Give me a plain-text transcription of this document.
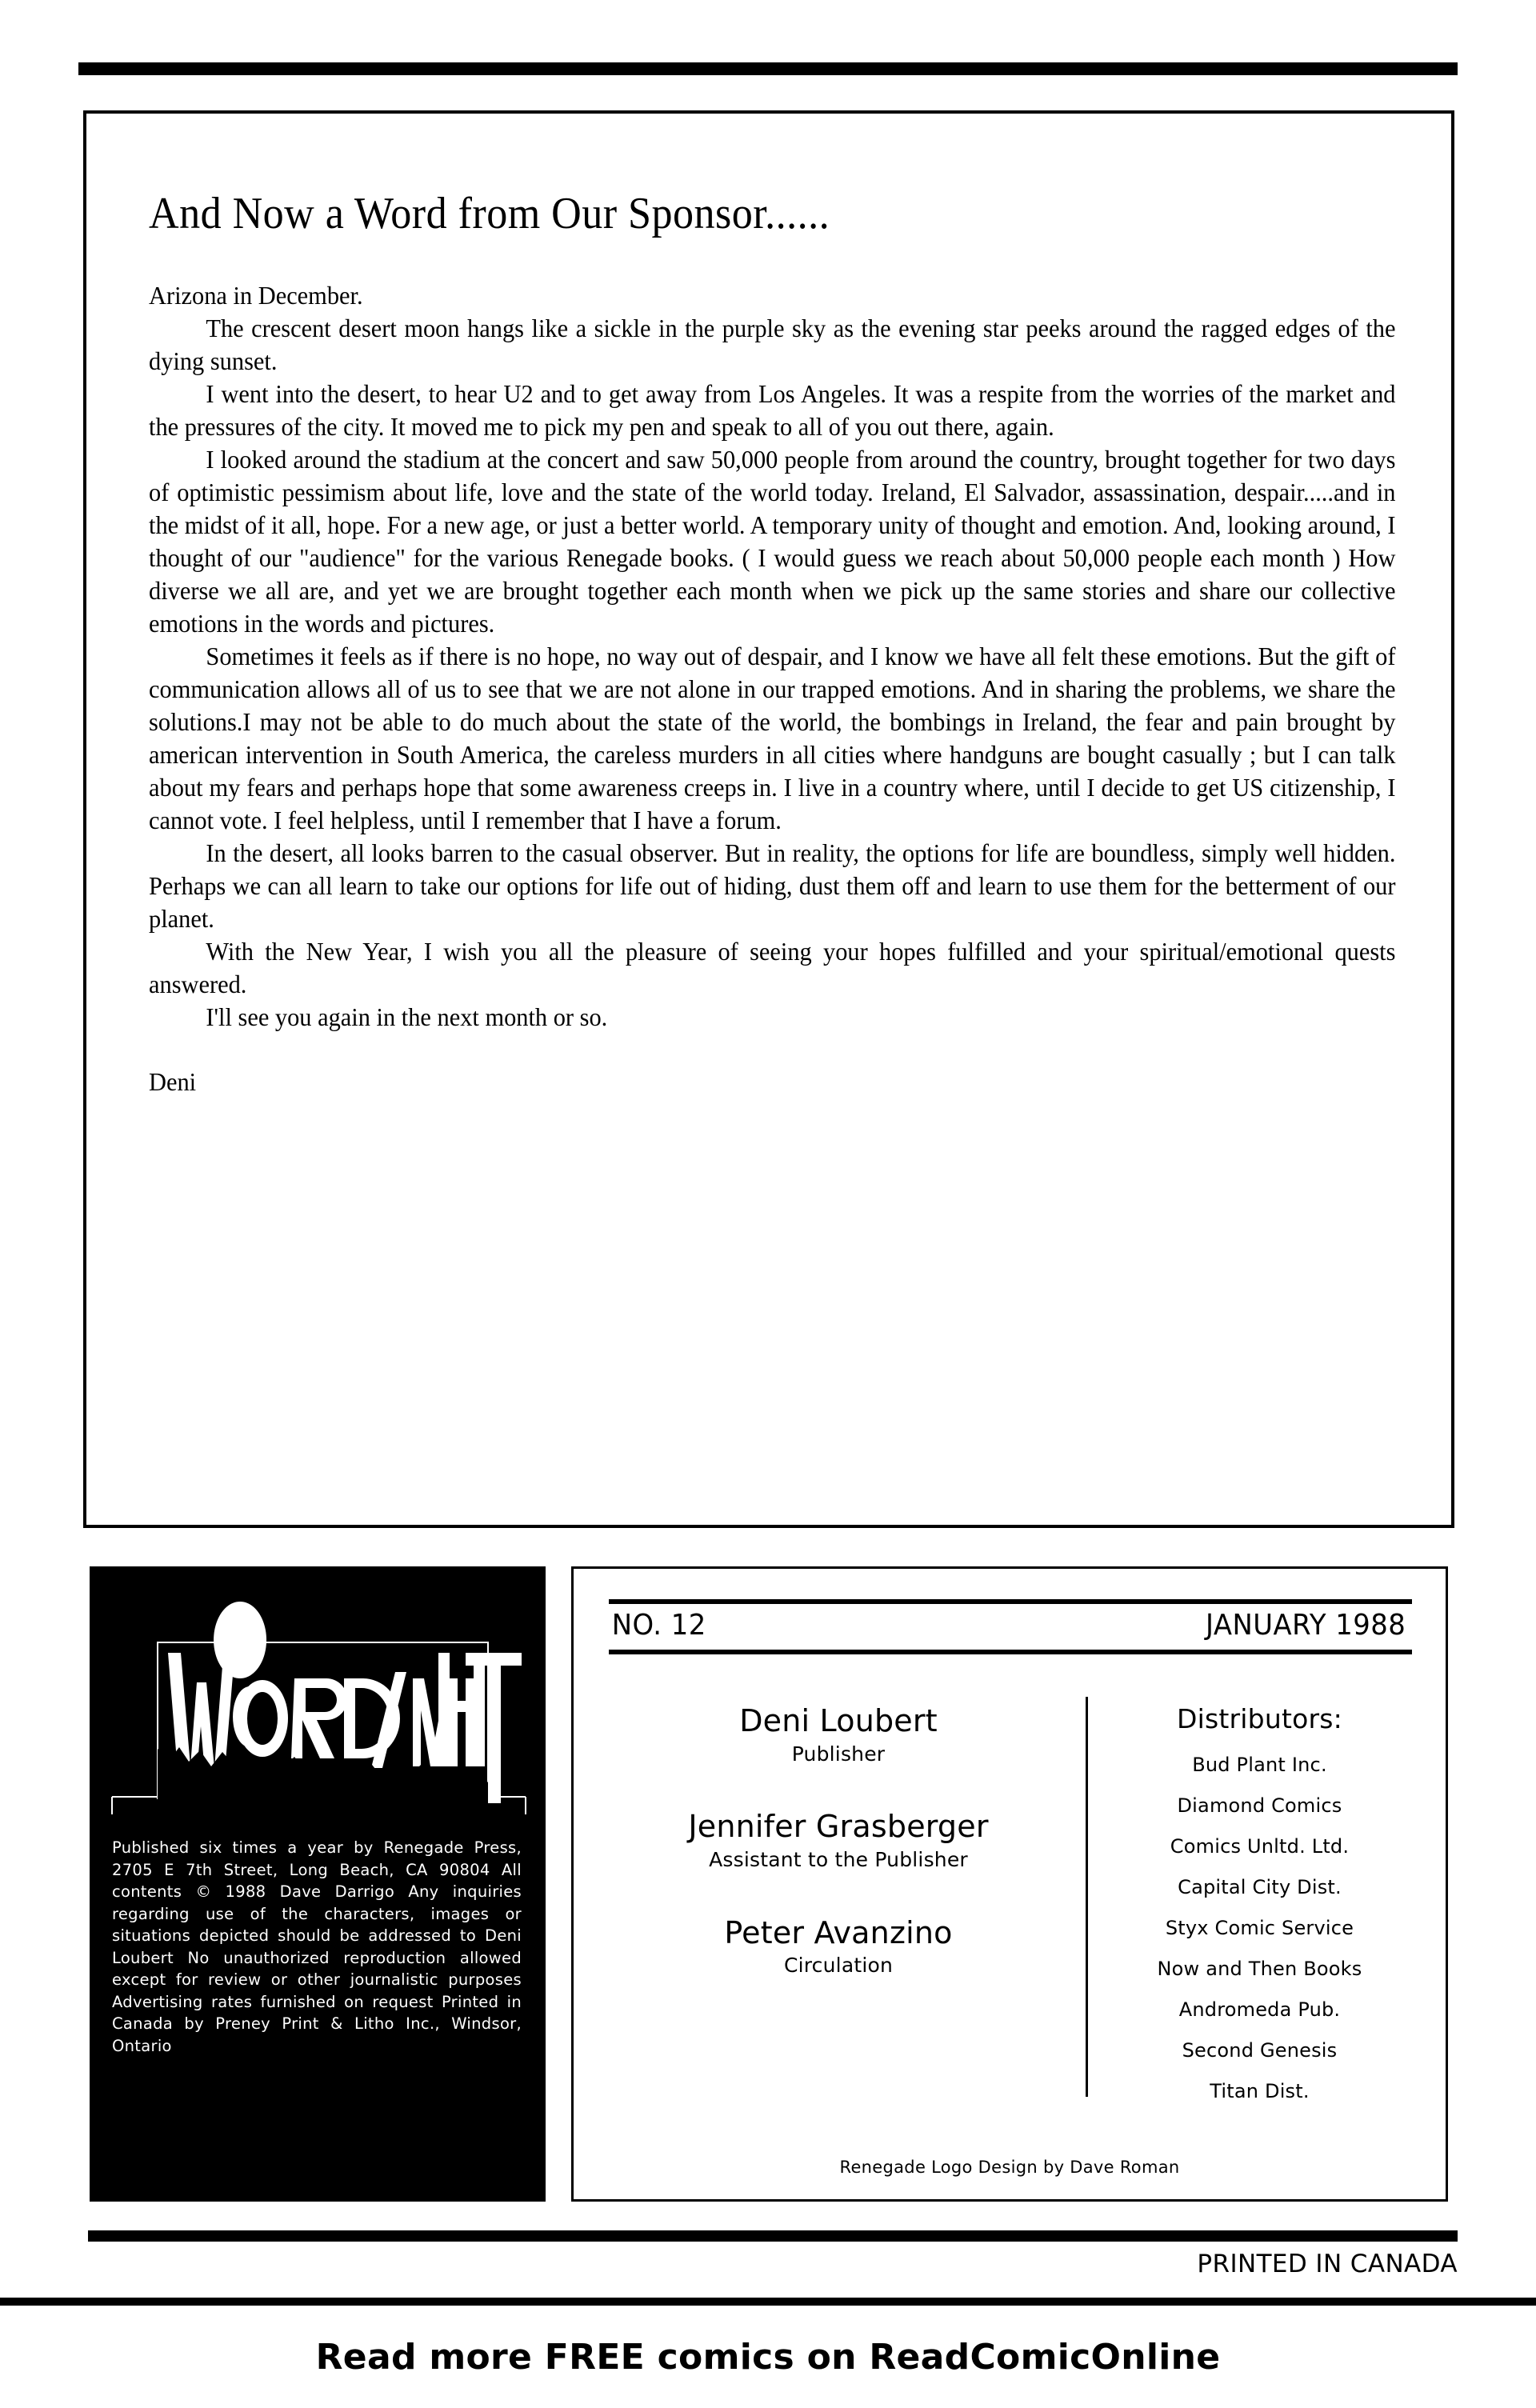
And Now a Word from Our Sponsor......

Arizona in December.

The crescent desert moon hangs like a sickle in the purple sky as the evening star peeks around the ragged edges of the dying sunset.

I went into the desert, to hear U2 and to get away from Los Angeles. It was a respite from the worries of the market and the pressures of the city. It moved me to pick my pen and speak to all of you out there, again.

I looked around the stadium at the concert and saw 50,000 people from around the country, brought together for two days of optimistic pessimism about life, love and the state of the world today. Ireland, El Salvador, assassination, despair.....and in the midst of it all, hope. For a new age, or just a better world. A temporary unity of thought and emotion. And, looking around, I thought of our "audience" for the various Renegade books. ( I would guess we reach about 50,000 people each month ) How diverse we all are, and yet we are brought together each month when we pick up the same stories and share our collective emotions in the words and pictures.

Sometimes it feels as if there is no hope, no way out of despair, and I know we have all felt these emotions. But the gift of communication allows all of us to see that we are not alone in our trapped emotions. And in sharing the problems, we share the solutions.I may not be able to do much about the state of the world, the bombings in Ireland, the fear and pain brought by american intervention in South America, the careless murders in all cities where handguns are bought casually ; but I can talk about my fears and perhaps hope that some awareness creeps in. I live in a country where, until I decide to get US citizenship, I cannot vote. I feel helpless, until I remember that I have a forum.

In the desert, all looks barren to the casual observer. But in reality, the options for life are boundless, simply well hidden. Perhaps we can all learn to take our options for life out of hiding, dust them off and learn to use them for the betterment of our planet.

With the New Year, I wish you all the pleasure of seeing your hopes fulfilled and your spiritual/emotional quests answered.

I'll see you again in the next month or so.

Deni

Published six times a year by Renegade Press, 2705 E 7th Street, Long Beach, CA 90804 All contents © 1988 Dave Darrigo Any inquiries regarding use of the characters, images or situations depicted should be addressed to Deni Loubert No unauthorized reproduction allowed except for review or other journalistic purposes Advertising rates furnished on request Printed in Canada by Preney Print & Litho Inc., Windsor, Ontario
NO. 12	JANUARY 1988
Deni Loubert
Publisher
Jennifer Grasberger
Assistant to the Publisher
Peter Avanzino
Circulation
Distributors:
Bud Plant Inc.
Diamond Comics
Comics Unltd. Ltd.
Capital City Dist.
Styx Comic Service
Now and Then Books
Andromeda Pub.
Second Genesis
Titan Dist.
Renegade Logo Design by Dave Roman
PRINTED IN CANADA
Read more FREE comics on ReadComicOnline
